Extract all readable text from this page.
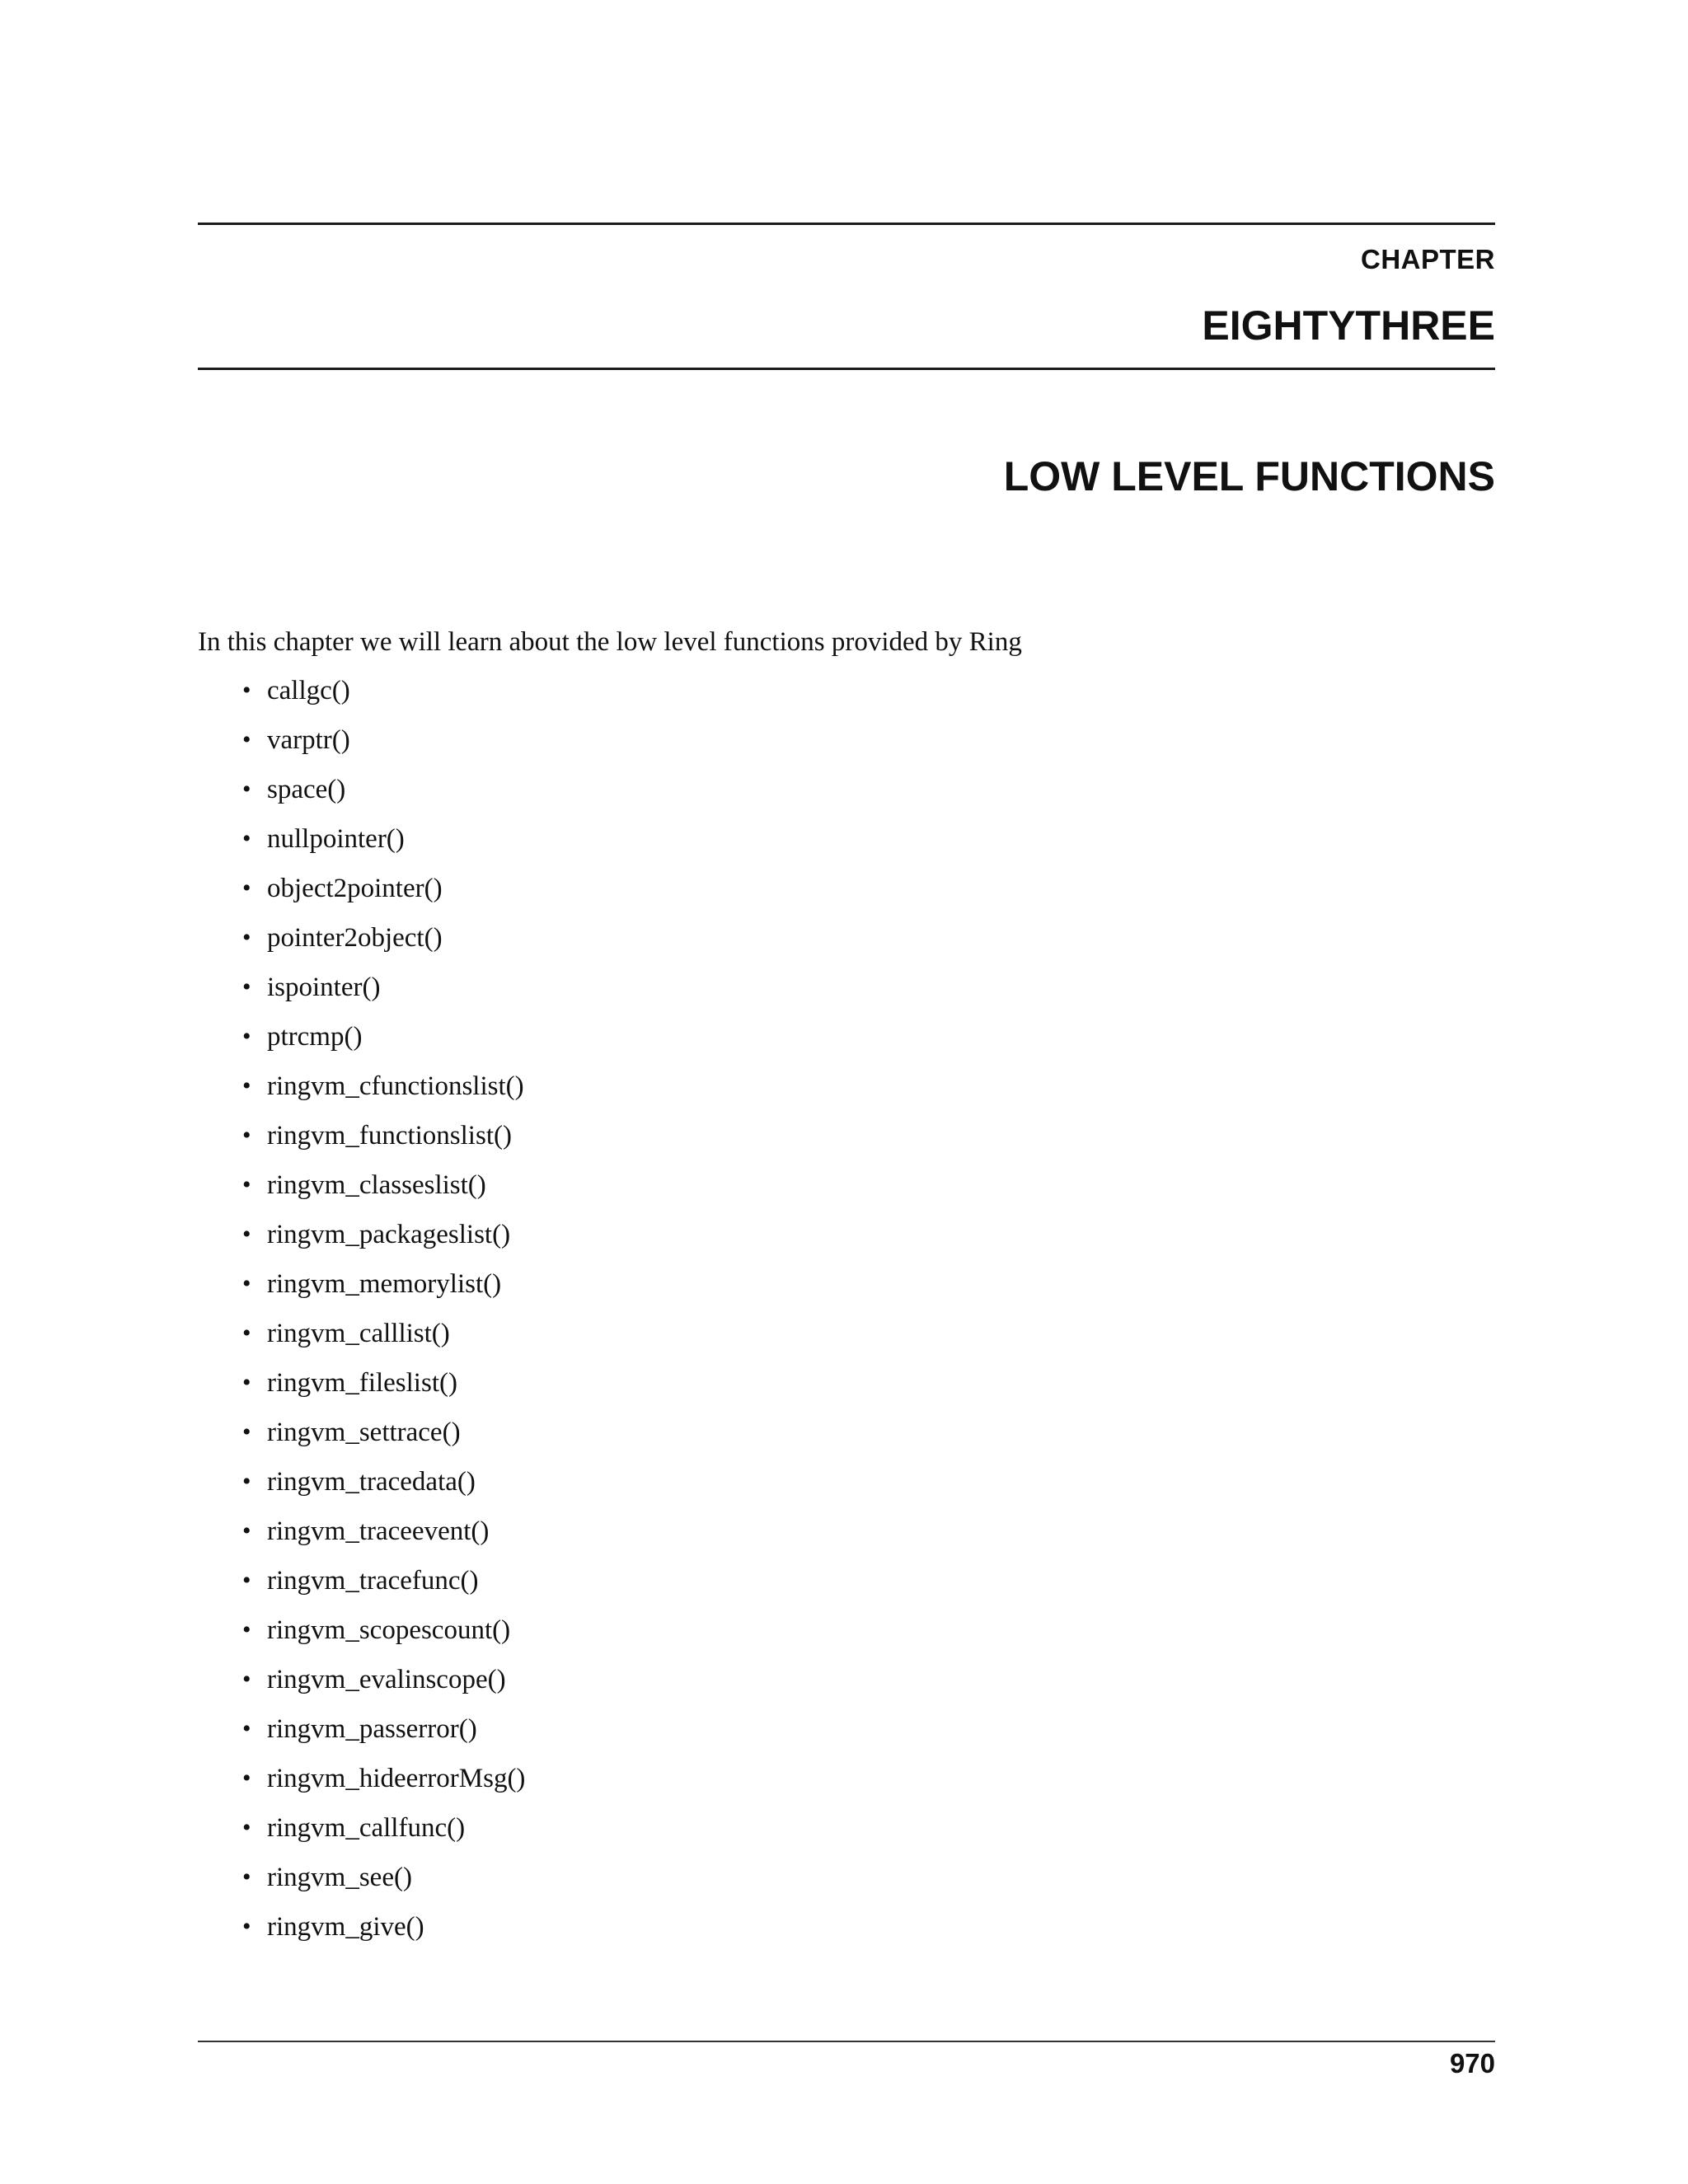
CHAPTER
EIGHTYTHREE
LOW LEVEL FUNCTIONS

In this chapter we will learn about the low level functions provided by Ring

• callgc()
• varptr()
• space()
• nullpointer()
• object2pointer()
• pointer2object()
• ispointer()
• ptrcmp()
• ringvm_cfunctionslist()
• ringvm_functionslist()
• ringvm_classeslist()
• ringvm_packageslist()
• ringvm_memorylist()
• ringvm_calllist()
• ringvm_fileslist()
• ringvm_settrace()
• ringvm_tracedata()
• ringvm_traceevent()
• ringvm_tracefunc()
• ringvm_scopescount()
• ringvm_evalinscope()
• ringvm_passerror()
• ringvm_hideerrorMsg()
• ringvm_callfunc()
• ringvm_see()
• ringvm_give()
970
